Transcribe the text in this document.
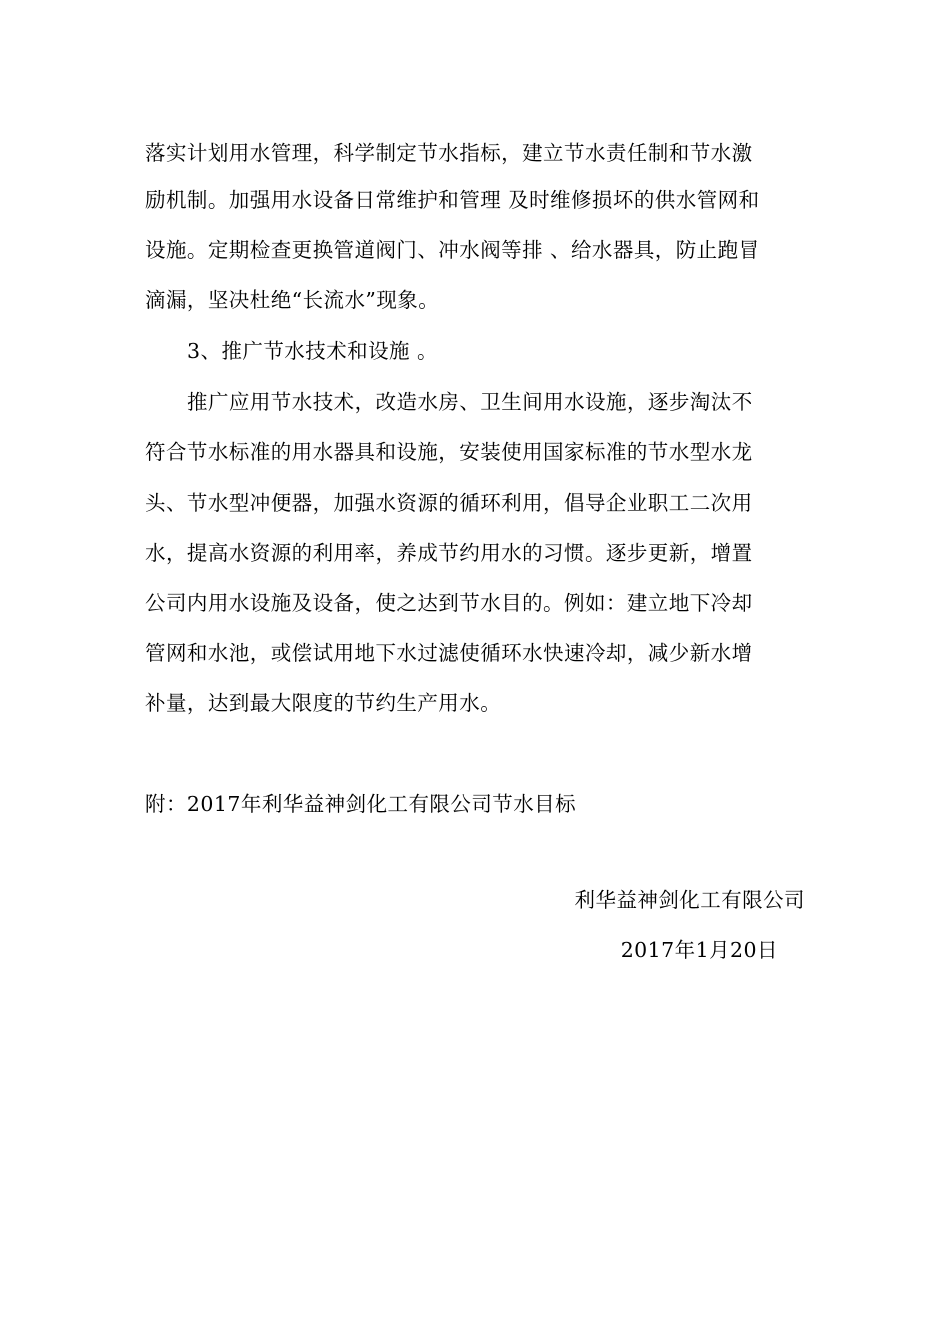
落实计划用水管理，科学制定节水指标，建立节水责任制和节水激
励机制。加强用水设备日常维护和管理 及时维修损坏的供水管网和
设施。定期检查更换管道阀门、冲水阀等排 、给水器具，防止跑冒
滴漏，坚决杜绝“长流水”现象。
3、推广节水技术和设施 。
推广应用节水技术，改造水房、卫生间用水设施，逐步淘汰不
符合节水标准的用水器具和设施，安装使用国家标准的节水型水龙
头、节水型冲便器，加强水资源的循环利用，倡导企业职工二次用
水，提高水资源的利用率，养成节约用水的习惯。逐步更新，增置
公司内用水设施及设备，使之达到节水目的。例如：建立地下冷却
管网和水池，或偿试用地下水过滤使循环水快速冷却，减少新水增
补量，达到最大限度的节约生产用水。
附：2017年利华益神剑化工有限公司节水目标
利华益神剑化工有限公司
2017年1月20日
